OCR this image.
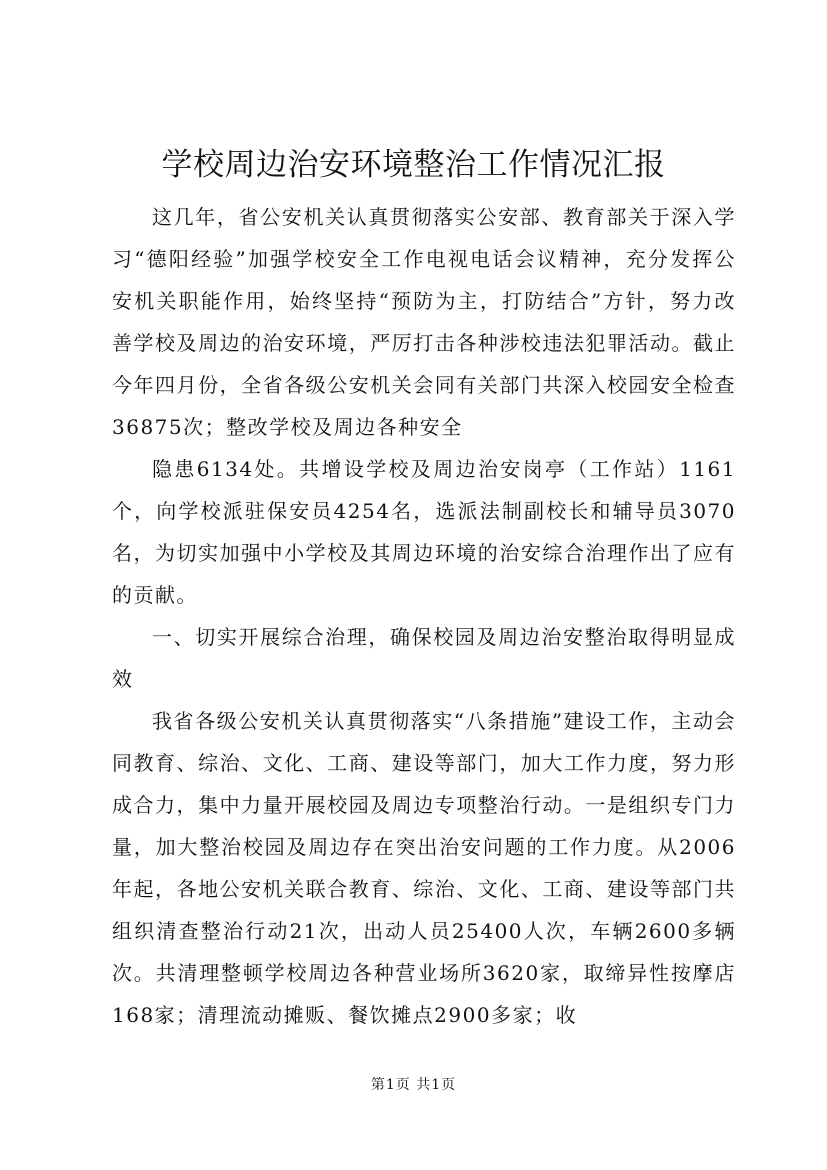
学校周边治安环境整治工作情况汇报

这几年，省公安机关认真贯彻落实公安部、教育部关于深入学习“德阳经验”加强学校安全工作电视电话会议精神，充分发挥公安机关职能作用，始终坚持“预防为主，打防结合”方针，努力改善学校及周边的治安环境，严厉打击各种涉校违法犯罪活动。截止今年四月份，全省各级公安机关会同有关部门共深入校园安全检查36875次；整改学校及周边各种安全

隐患6134处。共增设学校及周边治安岗亭（工作站）1161个，向学校派驻保安员4254名，选派法制副校长和辅导员3070名，为切实加强中小学校及其周边环境的治安综合治理作出了应有的贡献。

一、切实开展综合治理，确保校园及周边治安整治取得明显成效

我省各级公安机关认真贯彻落实“八条措施”建设工作，主动会同教育、综治、文化、工商、建设等部门，加大工作力度，努力形成合力，集中力量开展校园及周边专项整治行动。一是组织专门力量，加大整治校园及周边存在突出治安问题的工作力度。从2006年起，各地公安机关联合教育、综治、文化、工商、建设等部门共组织清查整治行动21次，出动人员25400人次，车辆2600多辆次。共清理整顿学校周边各种营业场所3620家，取缔异性按摩店168家；清理流动摊贩、餐饮摊点2900多家；收

第1页 共1页
